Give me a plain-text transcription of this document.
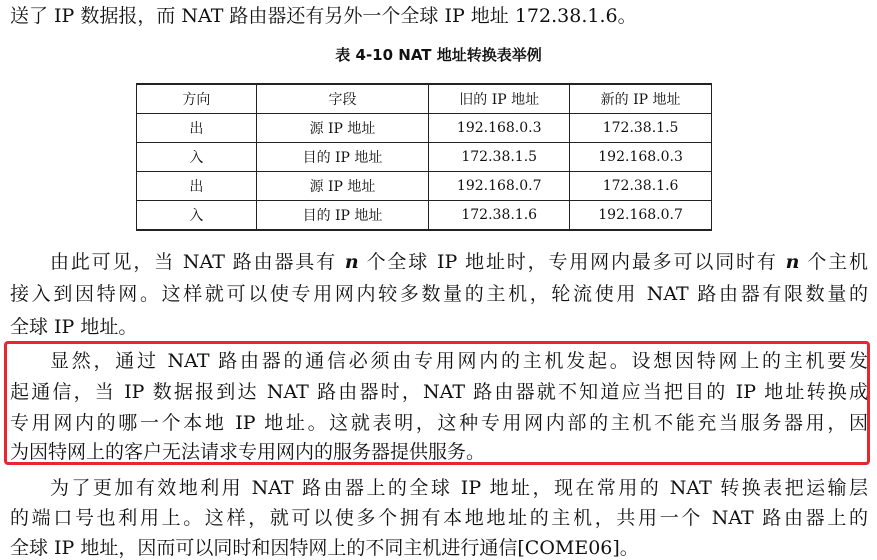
送了 IP 数据报，而 NAT 路由器还有另外一个全球 IP 地址 172.38.1.6。
表 4-10 NAT 地址转换表举例
方向	字段	旧的 IP 地址	新的 IP 地址
出	源 IP 地址	192.168.0.3	172.38.1.5
入	目的 IP 地址	172.38.1.5	192.168.0.3
出	源 IP 地址	192.168.0.7	172.38.1.6
入	目的 IP 地址	172.38.1.6	192.168.0.7
由此可见，当 NAT 路由器具有 n 个全球 IP 地址时，专用网内最多可以同时有 n 个主机
接入到因特网。这样就可以使专用网内较多数量的主机，轮流使用 NAT 路由器有限数量的
全球 IP 地址。
显然，通过 NAT 路由器的通信必须由专用网内的主机发起。设想因特网上的主机要发
起通信，当 IP 数据报到达 NAT 路由器时，NAT 路由器就不知道应当把目的 IP 地址转换成
专用网内的哪一个本地 IP 地址。这就表明，这种专用网内部的主机不能充当服务器用，因
为因特网上的客户无法请求专用网内的服务器提供服务。
为了更加有效地利用 NAT 路由器上的全球 IP 地址，现在常用的 NAT 转换表把运输层
的端口号也利用上。这样，就可以使多个拥有本地地址的主机，共用一个 NAT 路由器上的
全球 IP 地址，因而可以同时和因特网上的不同主机进行通信[COME06]。
